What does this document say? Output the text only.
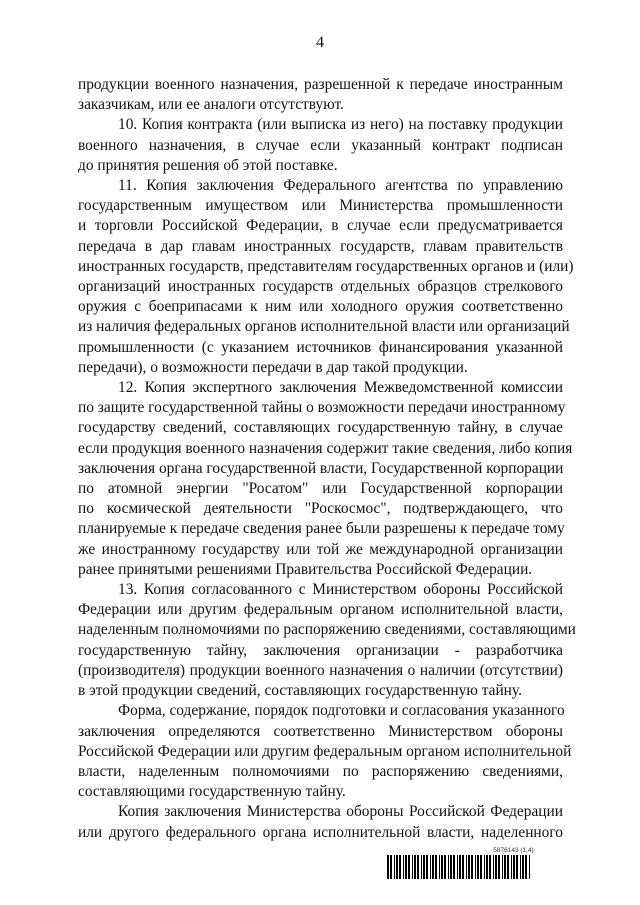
4
продукции военного назначения, разрешенной к передаче иностранным
заказчикам, или ее аналоги отсутствуют.
10. Копия контракта (или выписка из него) на поставку продукции
военного назначения, в случае если указанный контракт подписан
до принятия решения об этой поставке.
11. Копия заключения Федерального агентства по управлению
государственным имуществом или Министерства промышленности
и торговли Российской Федерации, в случае если предусматривается
передача в дар главам иностранных государств, главам правительств
иностранных государств, представителям государственных органов и (или)
организаций иностранных государств отдельных образцов стрелкового
оружия с боеприпасами к ним или холодного оружия соответственно
из наличия федеральных органов исполнительной власти или организаций
промышленности (с указанием источников финансирования указанной
передачи), о возможности передачи в дар такой продукции.
12. Копия экспертного заключения Межведомственной комиссии
по защите государственной тайны о возможности передачи иностранному
государству сведений, составляющих государственную тайну, в случае
если продукция военного назначения содержит такие сведения, либо копия
заключения органа государственной власти, Государственной корпорации
по атомной энергии "Росатом" или Государственной корпорации
по космической деятельности "Роскосмос", подтверждающего, что
планируемые к передаче сведения ранее были разрешены к передаче тому
же иностранному государству или той же международной организации
ранее принятыми решениями Правительства Российской Федерации.
13. Копия согласованного с Министерством обороны Российской
Федерации или другим федеральным органом исполнительной власти,
наделенным полномочиями по распоряжению сведениями, составляющими
государственную тайну, заключения организации - разработчика
(производителя) продукции военного назначения о наличии (отсутствии)
в этой продукции сведений, составляющих государственную тайну.
Форма, содержание, порядок подготовки и согласования указанного
заключения определяются соответственно Министерством обороны
Российской Федерации или другим федеральным органом исполнительной
власти, наделенным полномочиями по распоряжению сведениями,
составляющими государственную тайну.
Копия заключения Министерства обороны Российской Федерации
или другого федерального органа исполнительной власти, наделенного
5876143 (1.4)
